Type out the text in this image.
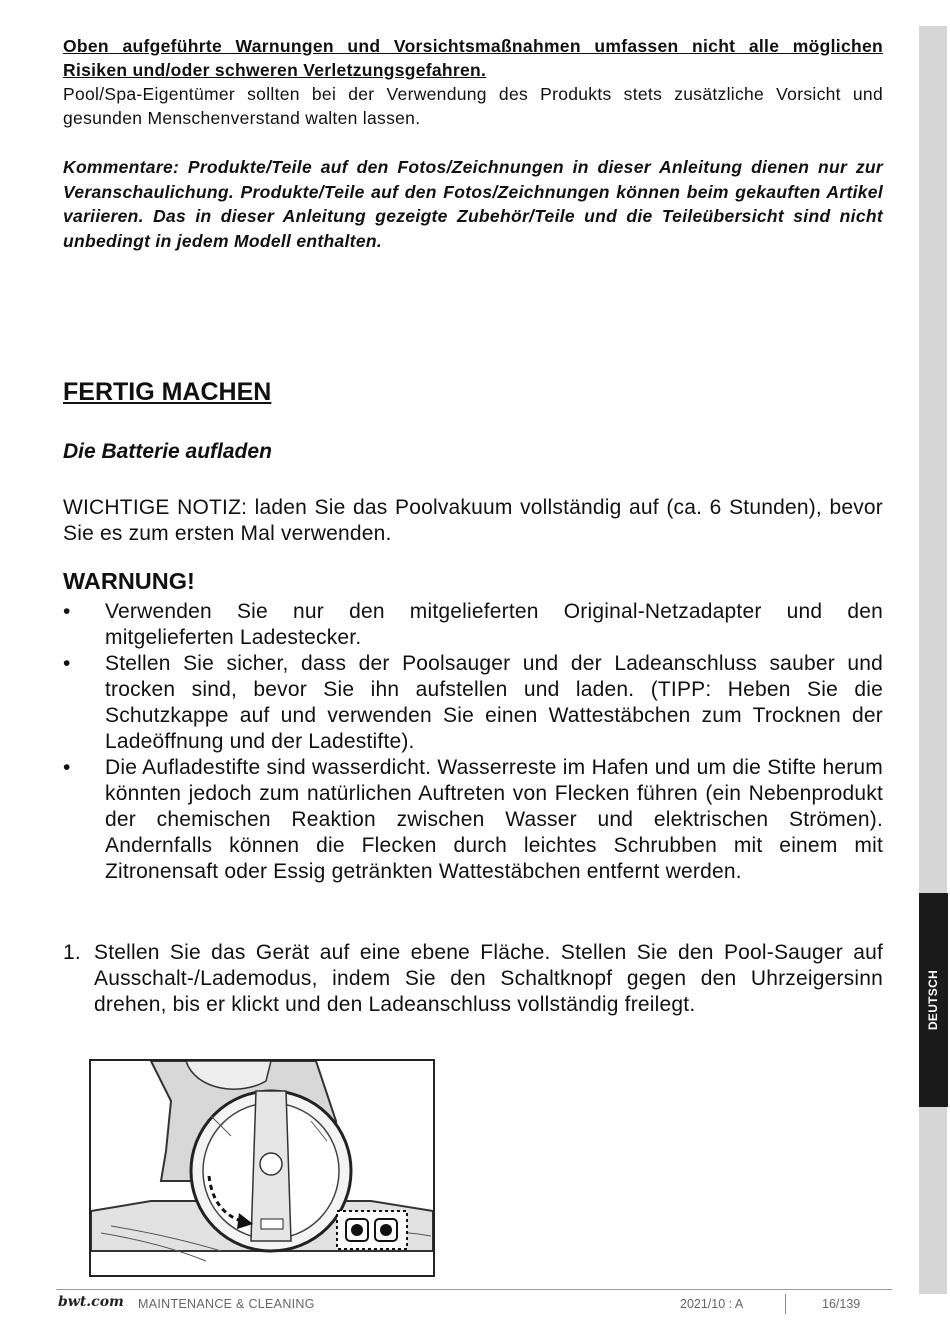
DEUTSCH
Oben aufgeführte Warnungen und Vorsichtsmaßnahmen umfassen nicht alle möglichen Risiken und/oder schweren Verletzungsgefahren.
Pool/Spa-Eigentümer sollten bei der Verwendung des Produkts stets zusätzliche Vorsicht und gesunden Menschenverstand walten lassen.
Kommentare: Produkte/Teile auf den Fotos/Zeichnungen in dieser Anleitung dienen nur zur Veranschaulichung. Produkte/Teile auf den Fotos/Zeichnungen können beim gekauften Artikel variieren. Das in dieser Anleitung gezeigte Zubehör/Teile und die Teileübersicht sind nicht unbedingt in jedem Modell enthalten.
FERTIG MACHEN
Die Batterie aufladen
WICHTIGE NOTIZ: laden Sie das Poolvakuum vollständig auf (ca. 6 Stunden), bevor Sie es zum ersten Mal verwenden.
WARNUNG!
• Verwenden Sie nur den mitgelieferten Original-Netzadapter und den mitgelieferten Ladestecker.
• Stellen Sie sicher, dass der Poolsauger und der Ladeanschluss sauber und trocken sind, bevor Sie ihn aufstellen und laden. (TIPP: Heben Sie die Schutzkappe auf und verwenden Sie einen Wattestäbchen zum Trocknen der Ladeöffnung und der Ladestifte).
• Die Aufladestifte sind wasserdicht. Wasserreste im Hafen und um die Stifte herum könnten jedoch zum natürlichen Auftreten von Flecken führen (ein Nebenprodukt der chemischen Reaktion zwischen Wasser und elektrischen Strömen). Andernfalls können die Flecken durch leichtes Schrubben mit einem mit Zitronensaft oder Essig getränkten Wattestäbchen entfernt werden.
1. Stellen Sie das Gerät auf eine ebene Fläche. Stellen Sie den Pool-Sauger auf Ausschalt-/Lademodus, indem Sie den Schaltknopf gegen den Uhrzeigersinn drehen, bis er klickt und den Ladeanschluss vollständig freilegt.
bwt.com MAINTENANCE & CLEANING	2021/10 : A	16/139
